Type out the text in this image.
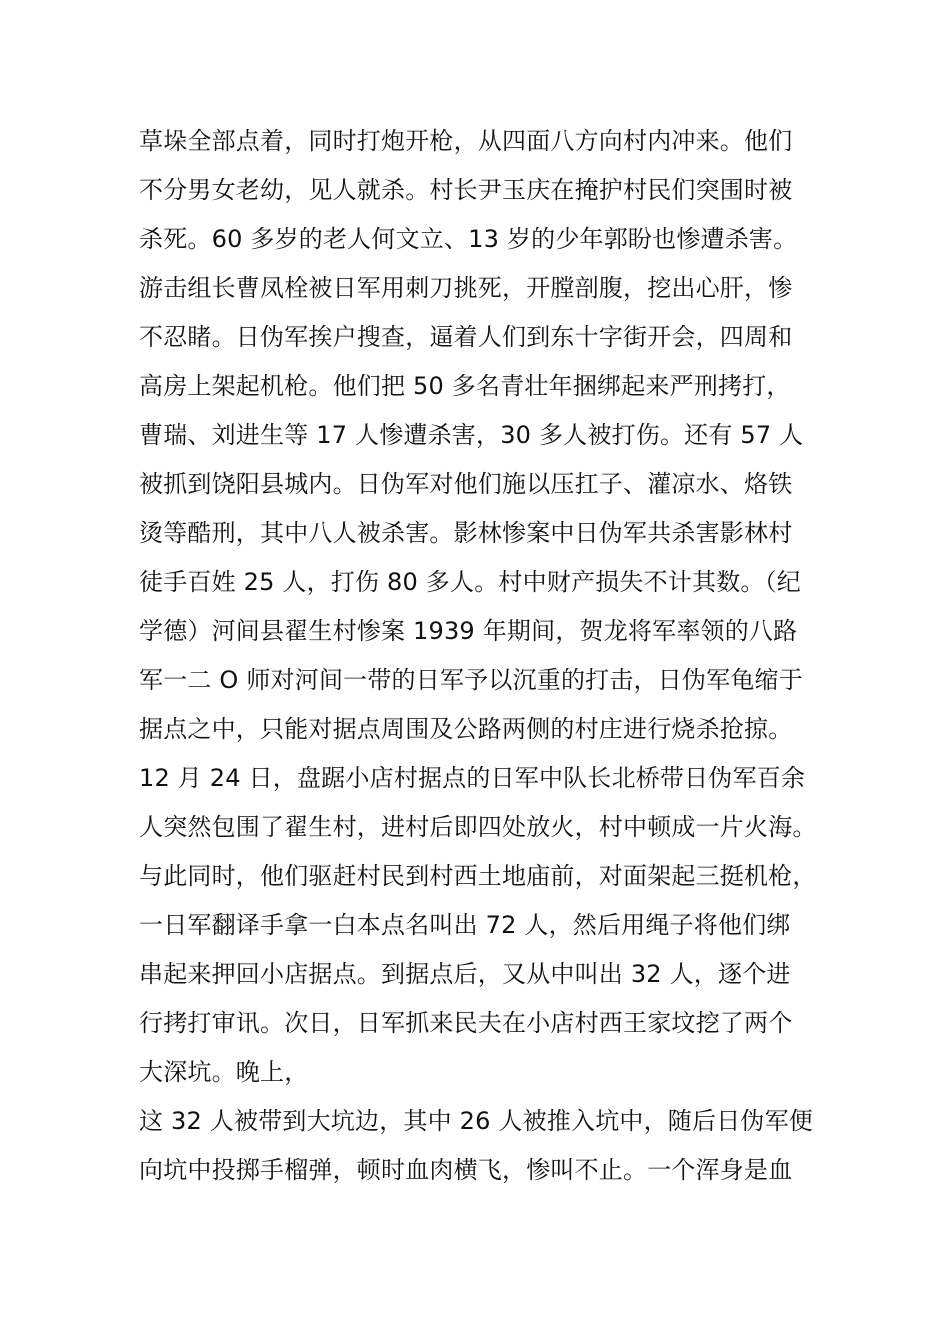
草垛全部点着，同时打炮开枪，从四面八方向村内冲来。他们
不分男女老幼，见人就杀。村长尹玉庆在掩护村民们突围时被
杀死。60 多岁的老人何文立、13 岁的少年郭盼也惨遭杀害。
游击组长曹凤栓被日军用刺刀挑死，开膛剖腹，挖出心肝，惨
不忍睹。日伪军挨户搜查，逼着人们到东十字街开会，四周和
高房上架起机枪。他们把 50 多名青壮年捆绑起来严刑拷打，
曹瑞、刘进生等 17 人惨遭杀害，30 多人被打伤。还有 57 人
被抓到饶阳县城内。日伪军对他们施以压扛子、灌凉水、烙铁
烫等酷刑，其中八人被杀害。影林惨案中日伪军共杀害影林村
徒手百姓 25 人，打伤 80 多人。村中财产损失不计其数。（纪
学德）河间县翟生村惨案 1939 年期间，贺龙将军率领的八路
军一二 O 师对河间一带的日军予以沉重的打击，日伪军龟缩于
据点之中，只能对据点周围及公路两侧的村庄进行烧杀抢掠。
12 月 24 日，盘踞小店村据点的日军中队长北桥带日伪军百余
人突然包围了翟生村，进村后即四处放火，村中顿成一片火海。
与此同时，他们驱赶村民到村西土地庙前，对面架起三挺机枪，
一日军翻译手拿一白本点名叫出 72 人，然后用绳子将他们绑
串起来押回小店据点。到据点后，又从中叫出 32 人，逐个进
行拷打审讯。次日，日军抓来民夫在小店村西王家坟挖了两个
大深坑。晚上，
这 32 人被带到大坑边，其中 26 人被推入坑中，随后日伪军便
向坑中投掷手榴弹，顿时血肉横飞，惨叫不止。一个浑身是血
